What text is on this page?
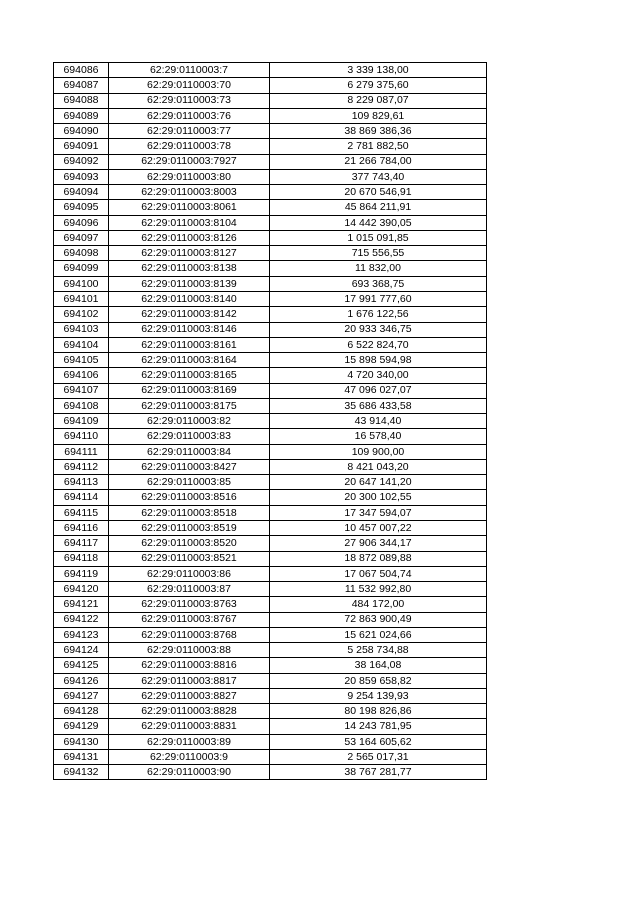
694086	62:29:0110003:7	3 339 138,00
694087	62:29:0110003:70	6 279 375,60
694088	62:29:0110003:73	8 229 087,07
694089	62:29:0110003:76	109 829,61
694090	62:29:0110003:77	38 869 386,36
694091	62:29:0110003:78	2 781 882,50
694092	62:29:0110003:7927	21 266 784,00
694093	62:29:0110003:80	377 743,40
694094	62:29:0110003:8003	20 670 546,91
694095	62:29:0110003:8061	45 864 211,91
694096	62:29:0110003:8104	14 442 390,05
694097	62:29:0110003:8126	1 015 091,85
694098	62:29:0110003:8127	715 556,55
694099	62:29:0110003:8138	11 832,00
694100	62:29:0110003:8139	693 368,75
694101	62:29:0110003:8140	17 991 777,60
694102	62:29:0110003:8142	1 676 122,56
694103	62:29:0110003:8146	20 933 346,75
694104	62:29:0110003:8161	6 522 824,70
694105	62:29:0110003:8164	15 898 594,98
694106	62:29:0110003:8165	4 720 340,00
694107	62:29:0110003:8169	47 096 027,07
694108	62:29:0110003:8175	35 686 433,58
694109	62:29:0110003:82	43 914,40
694110	62:29:0110003:83	16 578,40
694111	62:29:0110003:84	109 900,00
694112	62:29:0110003:8427	8 421 043,20
694113	62:29:0110003:85	20 647 141,20
694114	62:29:0110003:8516	20 300 102,55
694115	62:29:0110003:8518	17 347 594,07
694116	62:29:0110003:8519	10 457 007,22
694117	62:29:0110003:8520	27 906 344,17
694118	62:29:0110003:8521	18 872 089,88
694119	62:29:0110003:86	17 067 504,74
694120	62:29:0110003:87	11 532 992,80
694121	62:29:0110003:8763	484 172,00
694122	62:29:0110003:8767	72 863 900,49
694123	62:29:0110003:8768	15 621 024,66
694124	62:29:0110003:88	5 258 734,88
694125	62:29:0110003:8816	38 164,08
694126	62:29:0110003:8817	20 859 658,82
694127	62:29:0110003:8827	9 254 139,93
694128	62:29:0110003:8828	80 198 826,86
694129	62:29:0110003:8831	14 243 781,95
694130	62:29:0110003:89	53 164 605,62
694131	62:29:0110003:9	2 565 017,31
694132	62:29:0110003:90	38 767 281,77
